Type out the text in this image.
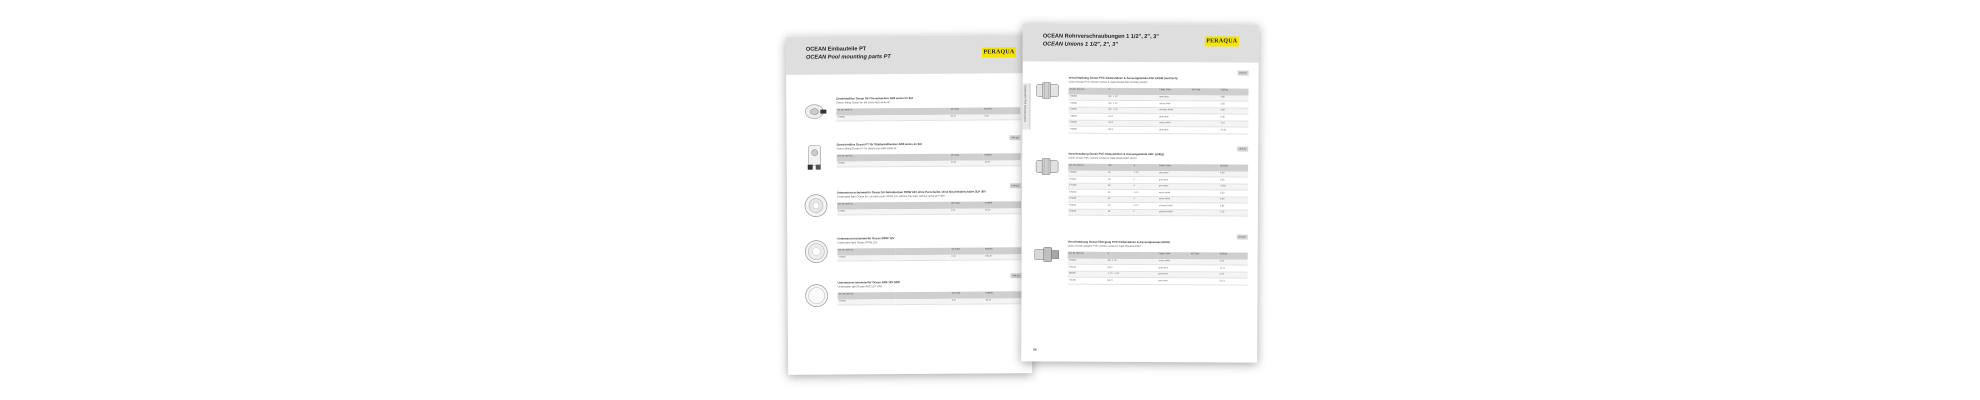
OCEAN Einbauteile PT
OCEAN Pool mounting parts PT
PERAQUA
Einströmdüse Ocean für Fliesenbecken ABS weiss im Set
Return fitting Ocean for tile pools ABS white kit
Art.-Nr. Item no.		VE Pack	EUR/St.
774000		20 St	7,20
Unit pc
Einströmdüse Ocean PT für Stahlwandbecken ABS weiss im Set
Return fitting Ocean PT for steel pools ABS white kit
Art.-Nr. Item no.		VE Pack	EUR/St.
774001		20 St	10,20
Unit pc
Unterwasserscheinwerfer Ocean für Betonbecken 300W 12V ohne Parscheibe, ohne Nischeladeschalen 2LP 300
Underwater light Ocean for concrete pools 300W 12V without Par bulb, without niche 2LP 300
Art.-Nr. Item no.		VE Pack	EUR/St.
774002		6 St	70,20
Unterwasserscheinwerfer Ocean 300W 12V
Underwater light Ocean 300W 12V
Art.-Nr. Item no.		VE Pack	EUR/St.
774003		6 St	100,20
Unit pc
Unterwasserscheinwerfer Ocean ABS 12V 50W
Underwater light Ocean ABS 12V 50W
Art.-Nr. Item no.		VE Pack	EUR/St.
774004		6 St	49,20
OCEAN Rohrverschraubungen 1 1/2", 2", 3"
OCEAN Unions 1 1/2", 2", 3"
PERAQUA
Einbauteile Pool mounting parts
Unit pc
Verschraubung Ocean PVC Klebestutzen & Aussengewinde AGF EPDM (metrisch)
Union Ocean PVC solvent socket & male thread AGF EPDM (metric)
Art.-Nr. Item no.	A		Farbe Color	VE Pack	EUR/St.
775050	50 / 1 1/2		grau grey		4,80
775060	50 / 1 1/2		weiss white		5,50
775065	50 / 1 1/2		schwarz black		6,80
775040	63 /2		grau grey		6,40
775080	63 /2		weiss white		7,10
775090	90 /3		grau grey		24,30
Unit pc
Verschraubung Ocean PVC Klebestutzen & Aussengewinde AGF (zöllig)
Union Ocean PVC solvent socket & male thread AGF (inch)
Art.-Nr. Item no.	DN	A	Farbe Color		EUR/St.
775000	40	1 1/2	grau grey		4,80
775020	50	2	grau grey		5,90
775100	80	3	grau grey		24,50
775030	40	1 1/2	weiss white		5,50
775035	50	2	weiss white		6,80
775025	40	1 1/2	schwarz black		5,80
775045	50	2	schwarz black		7,10
Unit pc
Verschraubung Ocean Übergang PVC Klebestutzen & Aussengewinde EPDM
Union Ocean adaptor PVC solvent socket & male thread EPDM
Art.-Nr. Item no.	A		Farbe Color	VE Pack	EUR/St.
776000	50 / 1 1/2		weiss white		6,20
776100	63 /2		grau grey		12,11
780057	1 1/2 - 1 1/2		grau grey		6,20
776200	90 /3		grau grey		53,11
65
